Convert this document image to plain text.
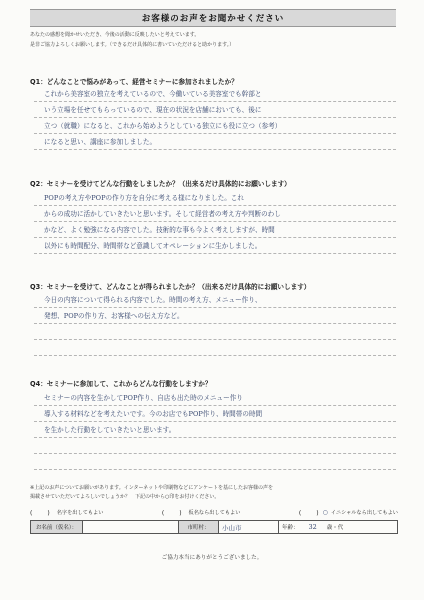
お客様のお声をお聞かせください
あなたの感想を聞かせいただき、今後の活動に反映したいと考えています。
是非ご協力よろしくお願いします。（できるだけ具体的に書いていただけると助かります。）
Q1：どんなことで悩みがあって、経営セミナーに参加されましたか？
これから美容室の独立を考えているので、今働いている美容室でも幹部と
いう立場を任せてもらっているので、現在の状況を店舗においても、後に
立つ（就職）になると、これから始めようとしている独立にも役に立つ（参考）
になると思い、講座に参加しました。
Q2：セミナーを受けてどんな行動をしましたか？（出来るだけ具体的にお願いします）
POPの考え方やPOPの作り方を自分に考える様になりました。これ
からの成功に活かしていきたいと思います。そして経営者の考え方や判断のわし
かなど、よく勉強になる内容でした。技術的な事も今よく考えしますが、時間
以外にも時間配分、時間帯など意識してオペレーションに生かしました。
Q3：セミナーを受けて、どんなことが得られましたか？（出来るだけ具体的にお願いします）
今日の内容について得られる内容でした。時間の考え方、メニュー作り、
発想、POPの作り方、お客様への伝え方など。
Q4：セミナーに参加して、これからどんな行動をしますか？
セミナーの内容を生かしてPOP作り、自店も出た時のメニュー作り
導入する材料などを考えたいです。今のお店でもPOP作り、時間帯の時間
を生かした行動をしていきたいと思います。
※上記のお声についてお願いがあります。インターネットや印刷物などにアンケートを基にしたお客様の声を
掲載させていただいてよろしいでしょうか？　下記の中から○印をお付けください。
(　　) 名字を出してもよい	(　　) 仮名なら出してもよい	(　　) ○ イニシャルなら出してもよい
お名前（仮名）：	市町村：	小山市	年齢： 32 歳・代
ご協力本当にありがとうございました。
